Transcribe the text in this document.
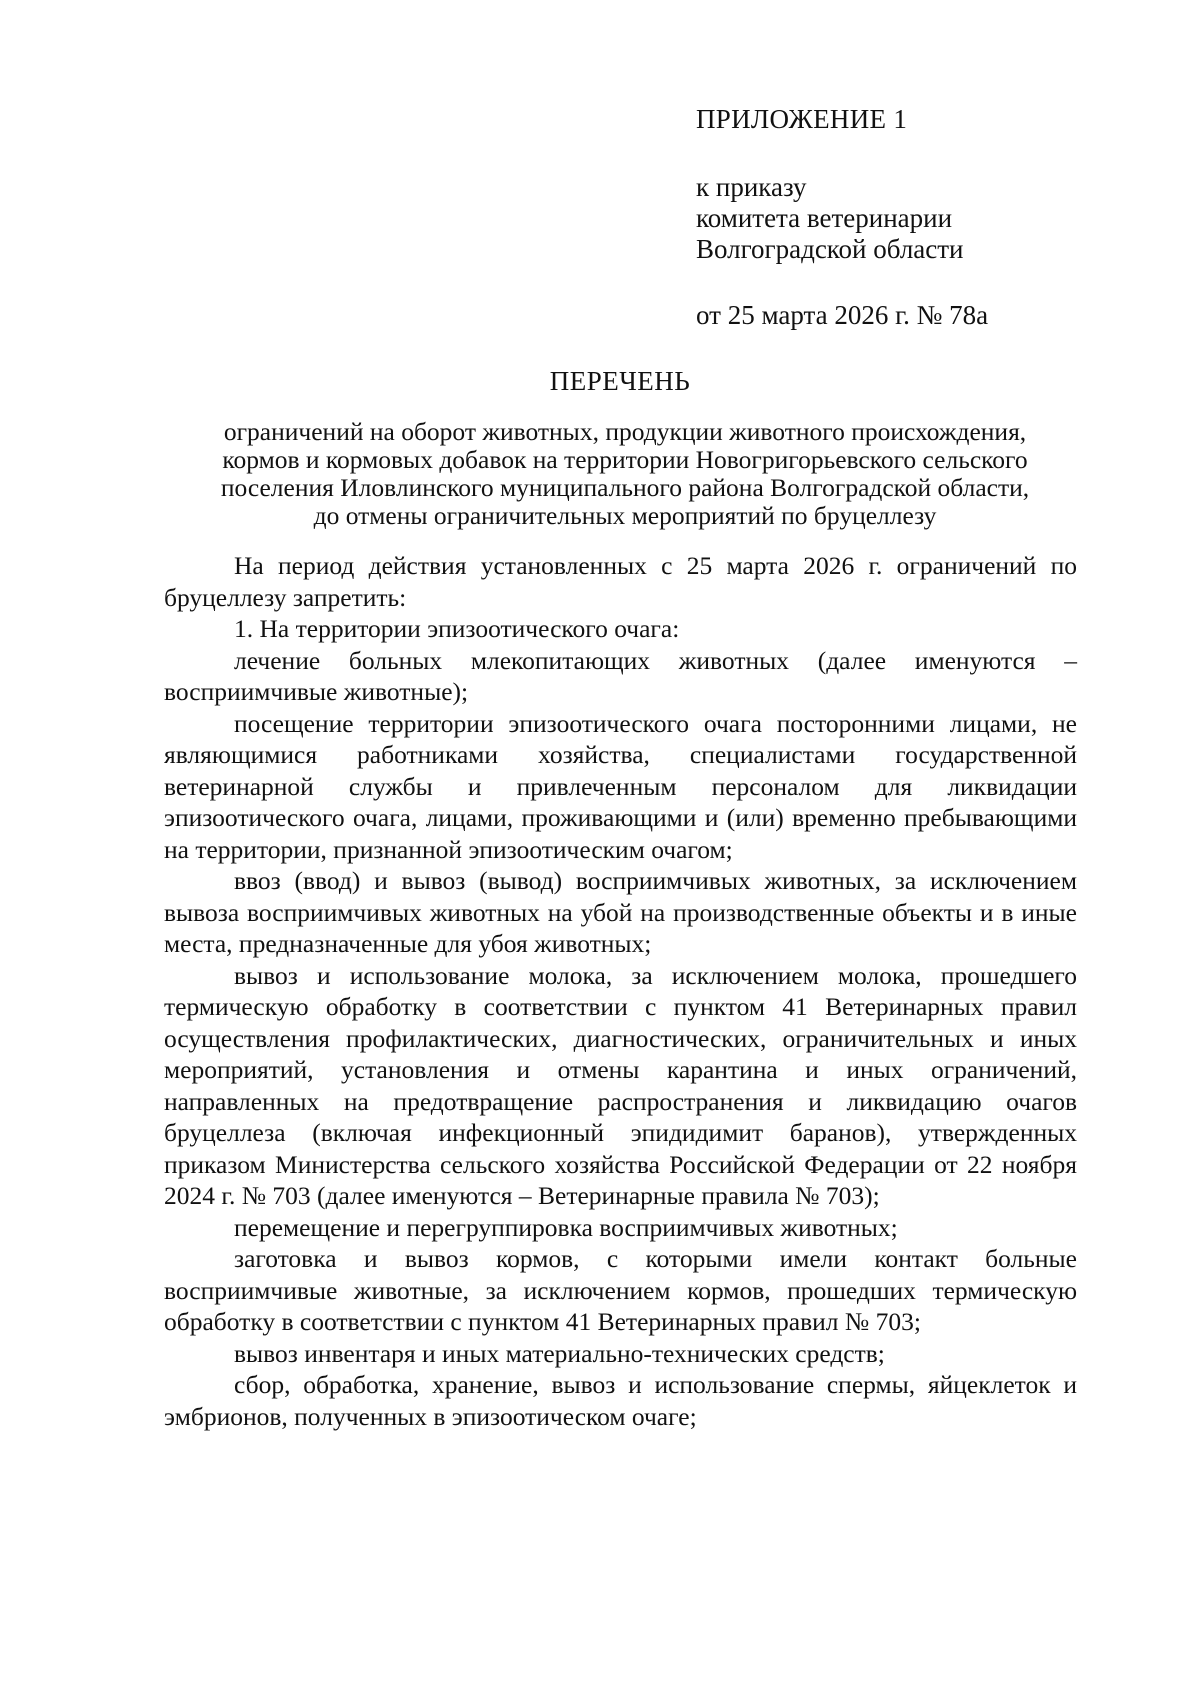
ПРИЛОЖЕНИЕ 1
к приказу
комитета ветеринарии
Волгоградской области
от 25 марта 2026 г. № 78а
ПЕРЕЧЕНЬ
ограничений на оборот животных, продукции животного происхождения,
кормов и кормовых добавок на территории Новогригорьевского сельского
поселения Иловлинского муниципального района Волгоградской области,
до отмены ограничительных мероприятий по бруцеллезу

На период действия установленных с 25 марта 2026 г. ограничений по бруцеллезу запретить:

1. На территории эпизоотического очага:

лечение больных млекопитающих животных (далее именуются – восприимчивые животные);

посещение территории эпизоотического очага посторонними лицами, не являющимися работниками хозяйства, специалистами государственной ветеринарной службы и привлеченным персоналом для ликвидации эпизоотического очага, лицами, проживающими и (или) временно пребывающими на территории, признанной эпизоотическим очагом;

ввоз (ввод) и вывоз (вывод) восприимчивых животных, за исключением вывоза восприимчивых животных на убой на производственные объекты и в иные места, предназначенные для убоя животных;

вывоз и использование молока, за исключением молока, прошедшего термическую обработку в соответствии с пунктом 41 Ветеринарных правил осуществления профилактических, диагностических, ограничительных и иных мероприятий, установления и отмены карантина и иных ограничений, направленных на предотвращение распространения и ликвидацию очагов бруцеллеза (включая инфекционный эпидидимит баранов), утвержденных приказом Министерства сельского хозяйства Российской Федерации от 22 ноября 2024 г. № 703 (далее именуются – Ветеринарные правила № 703);

перемещение и перегруппировка восприимчивых животных;

заготовка и вывоз кормов, с которыми имели контакт больные восприимчивые животные, за исключением кормов, прошедших термическую обработку в соответствии с пунктом 41 Ветеринарных правил № 703;

вывоз инвентаря и иных материально-технических средств;

сбор, обработка, хранение, вывоз и использование спермы, яйцеклеток и эмбрионов, полученных в эпизоотическом очаге;
